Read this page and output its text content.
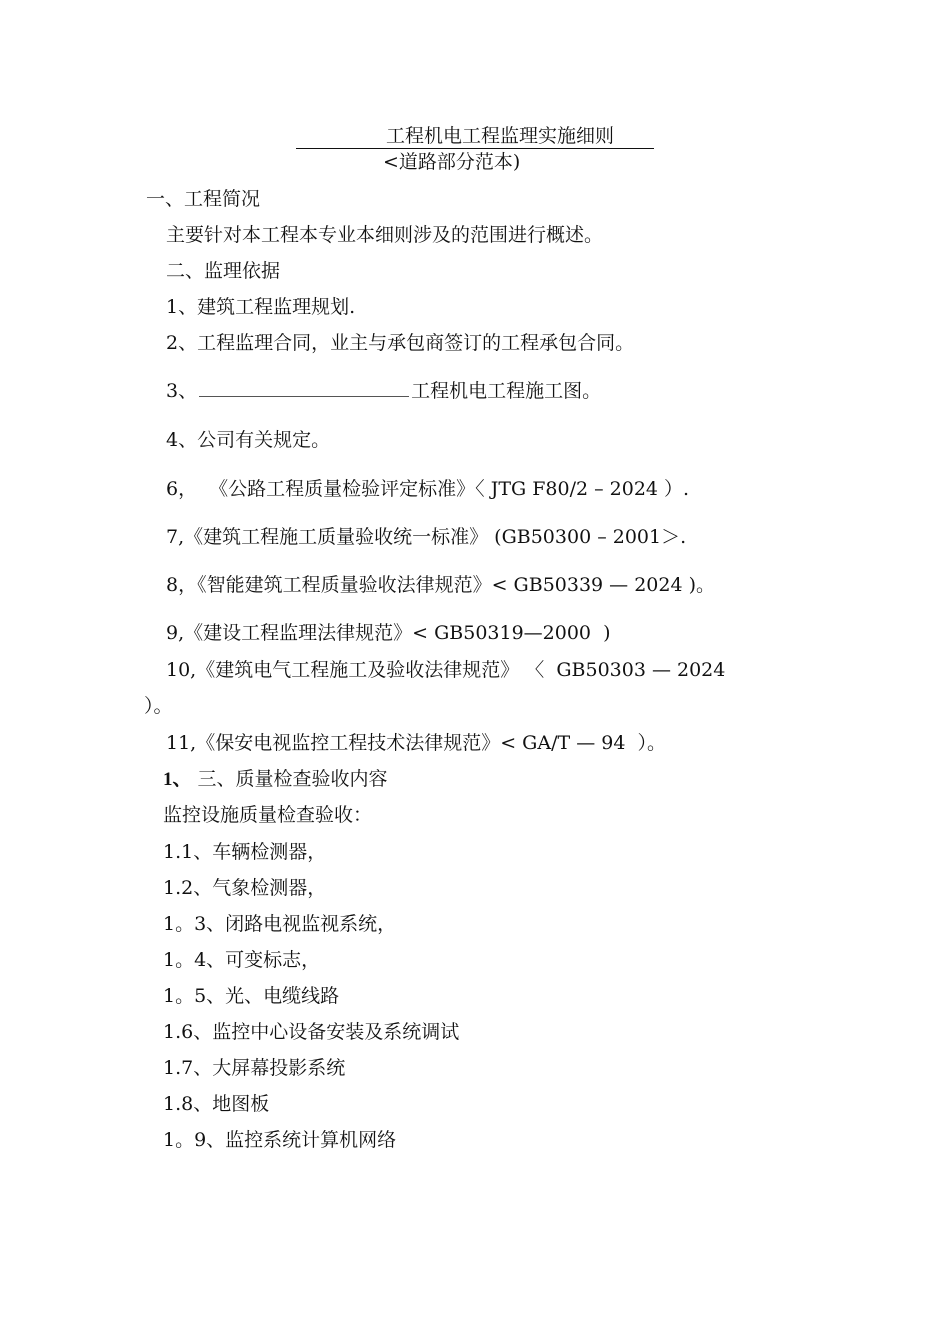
工程机电工程监理实施细则
<道路部分范本)
一、工程简况
主要针对本工程本专业本细则涉及的范围进行概述。
二、监理依据
1、建筑工程监理规划.
2、工程监理合同，业主与承包商签订的工程承包合同。
3、	工程机电工程施工图。
4、公司有关规定。
6，  《公路工程质量检验评定标准》〈 JTG F80/2 – 2024 ）.
7,《建筑工程施工质量验收统一标准》 (GB50300 – 2001＞.
8，《智能建筑工程质量验收法律规范》< GB50339 — 2024 )。
9,《建设工程监理法律规范》< GB50319—2000  )
10,《建筑电气工程施工及验收法律规范》 〈  GB50303 — 2024
）。
11,《保安电视监控工程技术法律规范》< GA/T — 94  ）。
1、 三、质量检查验收内容
监控设施质量检查验收：
1.1、车辆检测器，
1.2、气象检测器，
1。3、闭路电视监视系统，
1。4、可变标志，
1。5、光、电缆线路
1.6、监控中心设备安装及系统调试
1.7、大屏幕投影系统
1.8、地图板
1。9、监控系统计算机网络
